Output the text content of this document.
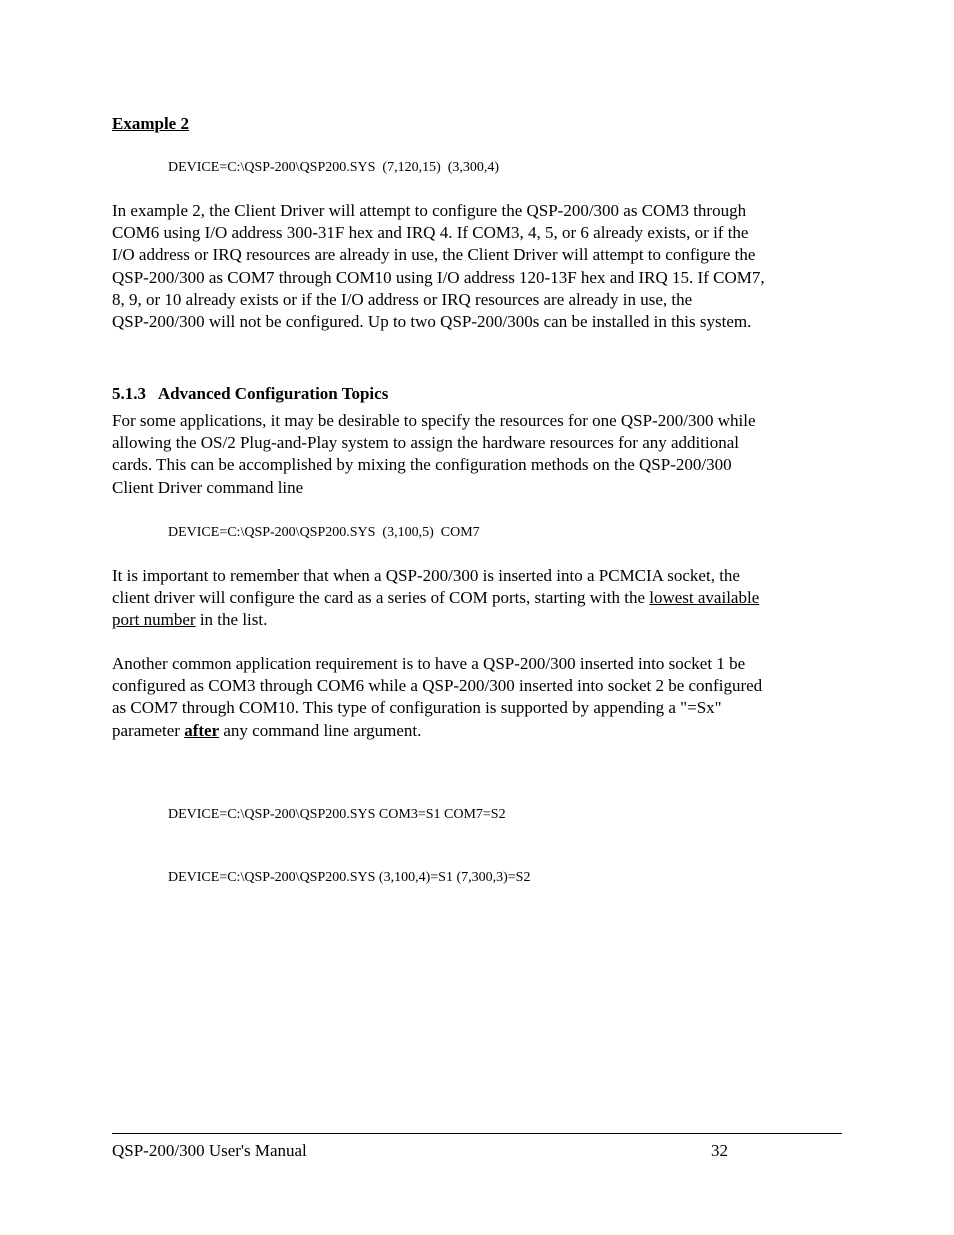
Example 2
DEVICE=C:\QSP-200\QSP200.SYS  (7,120,15)  (3,300,4)
In example 2, the Client Driver will attempt to configure the QSP-200/300 as COM3 through
COM6 using I/O address 300-31F hex and IRQ 4. If COM3, 4, 5, or 6 already exists, or if the
I/O address or IRQ resources are already in use, the Client Driver will attempt to configure the
QSP-200/300 as COM7 through COM10 using I/O address 120-13F hex and IRQ 15. If COM7,
8, 9, or 10 already exists or if the I/O address or IRQ resources are already in use, the
QSP-200/300 will not be configured. Up to two QSP-200/300s can be installed in this system.
5.1.3 Advanced Configuration Topics
For some applications, it may be desirable to specify the resources for one QSP-200/300 while
allowing the OS/2 Plug-and-Play system to assign the hardware resources for any additional
cards. This can be accomplished by mixing the configuration methods on the QSP-200/300
Client Driver command line
DEVICE=C:\QSP-200\QSP200.SYS  (3,100,5)  COM7
It is important to remember that when a QSP-200/300 is inserted into a PCMCIA socket, the
client driver will configure the card as a series of COM ports, starting with the lowest available
port number in the list.
Another common application requirement is to have a QSP-200/300 inserted into socket 1 be
configured as COM3 through COM6 while a QSP-200/300 inserted into socket 2 be configured
as COM7 through COM10. This type of configuration is supported by appending a "=Sx"
parameter after any command line argument.

DEVICE=C:\QSP-200\QSP200.SYS COM3=S1 COM7=S2

DEVICE=C:\QSP-200\QSP200.SYS (3,100,4)=S1 (7,300,3)=S2

QSP-200/300 User's Manual	32
